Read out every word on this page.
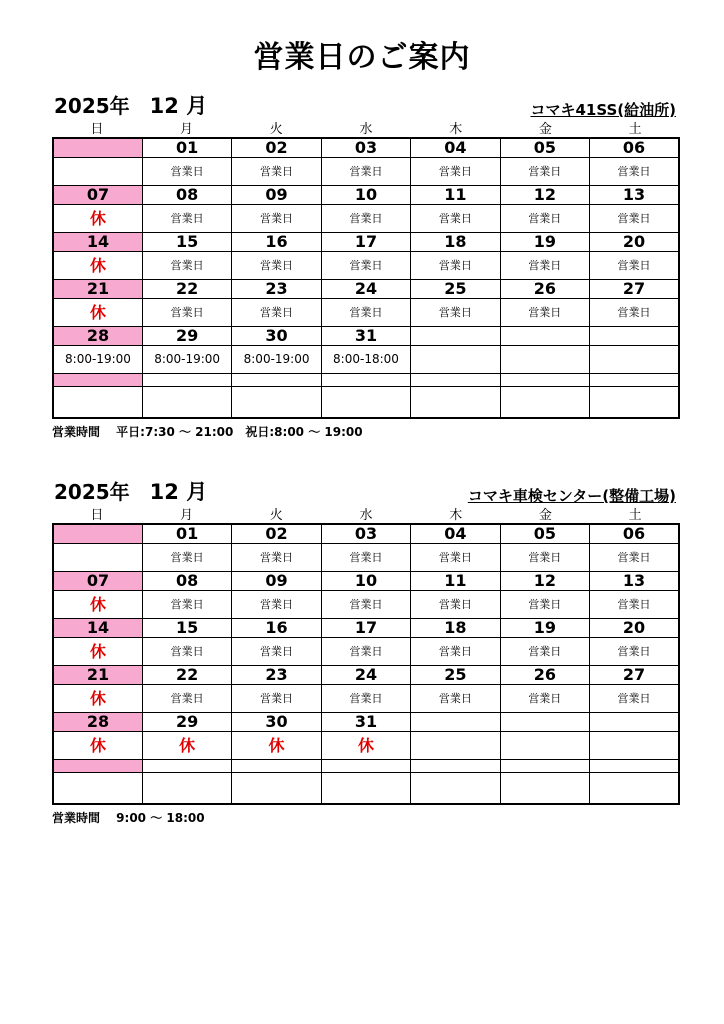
営業日のご案内
2025年 12 月	コマキ41SS(給油所)
日	月	火	水	木	金	土
	01	02	03	04	05	06
	営業日	営業日	営業日	営業日	営業日	営業日
07	08	09	10	11	12	13
休	営業日	営業日	営業日	営業日	営業日	営業日
14	15	16	17	18	19	20
休	営業日	営業日	営業日	営業日	営業日	営業日
21	22	23	24	25	26	27
休	営業日	営業日	営業日	営業日	営業日	営業日
28	29	30	31			
8:00-19:00	8:00-19:00	8:00-19:00	8:00-18:00			

営業時間　 平日:7:30 ～ 21:00　祝日:8:00 ～ 19:00
2025年 12 月	コマキ車検センター(整備工場)
日	月	火	水	木	金	土
	01	02	03	04	05	06
	営業日	営業日	営業日	営業日	営業日	営業日
07	08	09	10	11	12	13
休	営業日	営業日	営業日	営業日	営業日	営業日
14	15	16	17	18	19	20
休	営業日	営業日	営業日	営業日	営業日	営業日
21	22	23	24	25	26	27
休	営業日	営業日	営業日	営業日	営業日	営業日
28	29	30	31			
休	休	休	休			

営業時間　 9:00 ～ 18:00
